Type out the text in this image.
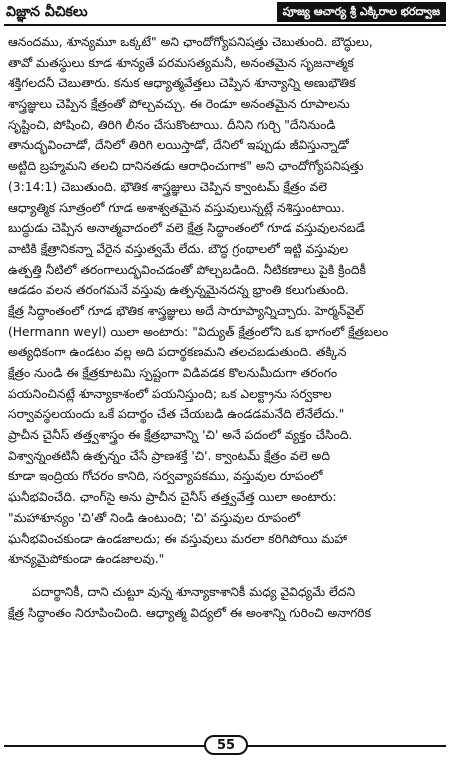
విజ్ఞాన వీచికలు	పూజ్య ఆచార్య శ్రీ ఎక్కిరాల భరద్వాజ

ఆనందము, శూన్యమూ ఒక్కటే" అని ఛాందోగ్యోపనిషత్తు చెబుతుంది. బౌద్ధులు,

తావో మతస్థులు కూడ శూన్యతే పరమసత్యమనీ, అనంతమైన సృజనాత్మక

శక్తిగలదనీ చెబుతారు. కనుక ఆధ్యాత్మవేత్తలు చెప్పిన శూన్యాన్ని అణుభౌతిక

శాస్త్రజ్ఞులు చెప్పిన క్షేత్రంతో పోల్చవచ్చు. ఈ రెండూ అనంతమైన రూపాలను

సృష్టించి, పోషించి, తిరిగి లీనం చేసుకొంటాయి. దీనిని గుర్చి "దేనినుండి

తానుద్భవించాడో, దేనిలో తిరిగి లయిస్తాడో, దేనిలో ఇప్పుడు జీవిస్తున్నాడో

అట్టిది బ్రహ్మమని తలచి దానినతడు ఆరాధించుగాక" అని ఛాందోగ్యోపనిషత్తు

(3:14:1) చెబుతుంది. భౌతిక శాస్త్రజ్ఞులు చెప్పిన క్వాంటమ్ క్షేత్రం వలె

ఆధ్యాత్మిక సూత్రంలో గూడ అశాశ్వతమైన వస్తువులున్నట్లే నశిస్తుంటాయి.

బుద్ధుడు చెప్పిన అనాత్మవాదంలో వలె క్షేత్ర సిద్ధాంతంలో గూడ వస్తువులనబడే

వాటికి క్షేత్రానికన్నా వేరైన వస్తుత్వమే లేదు. బౌద్ధ గ్రంథాలలో ఇట్టి వస్తువుల

ఉత్పత్తి నీటిలో తరంగాలుద్భవించడంతో పోల్చబడింది. నీటికణాలు పైకి క్రిందికీ

ఆడడం వలన తరంగమనే వస్తువు ఉత్పన్నమైనదన్న భ్రాంతి కలుగుతుంది.

క్షేత్ర సిద్ధాంతంలో గూడ భౌతిక శాస్త్రజ్ఞులు అదే సారూప్యాన్నిచ్చారు. హెర్మన్‌వైల్

(Hermann weyl) యిలా అంటారు: "విద్యుత్ క్షేత్రంలోని ఒక భాగంలో క్షేత్రబలం

అత్యధికంగా ఉండటం వల్ల అది పదార్థకణమని తలచబడుతుంది. తక్కిన

క్షేత్రం నుండి ఈ క్షేత్రకూటమి స్పష్టంగా విడివడక కొలనుమీదుగా తరంగం

పయనించినట్లే శూన్యాకాశంలో పయనిస్తుంది; ఒక ఎలక్ట్రాను సర్వకాల

సర్వావస్థలయందు ఒకే పదార్థం చేత చేయబడి ఉండడమనేది లేనేలేదు."

ప్రాచీన చైనీస్ తత్త్వశాస్త్రం ఈ క్షేత్రభావాన్ని 'చి' అనే పదంలో వ్యక్తం చేసింది.

విశ్వాన్నంతటినీ ఉత్పన్నం చేసే ప్రాణశక్తే 'చి'. క్వాంటమ్ క్షేత్రం వలె అది

కూడా ఇంద్రియ గోచరం కానిది, సర్వవ్యాపకము, వస్తువుల రూపంలో

ఘనీభవించేది. ఛాంగ్‌సై అను ప్రాచీన చైనీస్ తత్త్వవేత్త యిలా అంటారు:

"మహాశూన్యం 'చి'తో నిండి ఉంటుంది; 'చి' వస్తువుల రూపంలో

ఘనీభవించకుండా ఉండజాలదు; ఈ వస్తువులు మరలా కరిగిపోయి మహా

శూన్యమైపోకుండా ఉండజాలవు."

పదార్థానికీ, దాని చుట్టూ వున్న శూన్యాకాశానికీ మధ్య వైవిధ్యమే లేదని

క్షేత్ర సిద్ధాంతం నిరూపించింది. ఆధ్యాత్మ విద్యలో ఈ అంశాన్ని గురించి అనాగరిక

55
